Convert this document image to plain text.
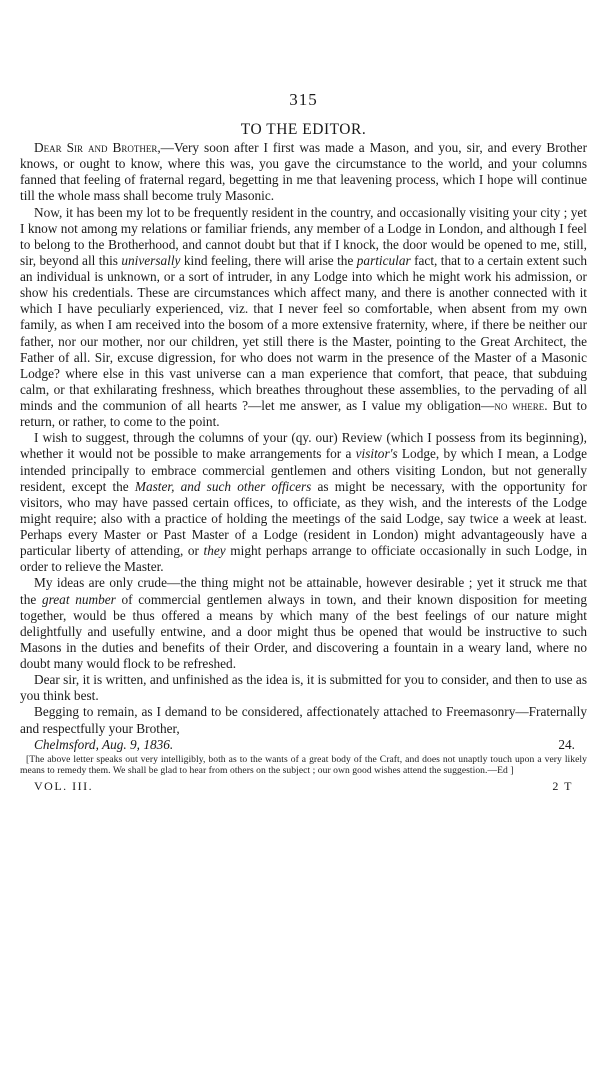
315
TO THE EDITOR.

Dear Sir and Brother,—Very soon after I first was made a Mason, and you, sir, and every Brother knows, or ought to know, where this was, you gave the circumstance to the world, and your columns fanned that feeling of fraternal regard, begetting in me that leavening process, which I hope will continue till the whole mass shall become truly Masonic.

Now, it has been my lot to be frequently resident in the country, and occasionally visiting your city ; yet I know not among my relations or familiar friends, any member of a Lodge in London, and although I feel to belong to the Brotherhood, and cannot doubt but that if I knock, the door would be opened to me, still, sir, beyond all this universally kind feeling, there will arise the particular fact, that to a certain extent such an individual is unknown, or a sort of intruder, in any Lodge into which he might work his admission, or show his credentials. These are circumstances which affect many, and there is another connected with it which I have peculiarly experienced, viz. that I never feel so comfortable, when absent from my own family, as when I am received into the bosom of a more extensive fraternity, where, if there be neither our father, nor our mother, nor our children, yet still there is the Master, pointing to the Great Architect, the Father of all. Sir, excuse digression, for who does not warm in the presence of the Master of a Masonic Lodge? where else in this vast universe can a man experience that comfort, that peace, that subduing calm, or that exhilarating freshness, which breathes throughout these assemblies, to the pervading of all minds and the communion of all hearts ?—let me answer, as I value my obligation—no where. But to return, or rather, to come to the point.

I wish to suggest, through the columns of your (qy. our) Review (which I possess from its beginning), whether it would not be possible to make arrangements for a visitor's Lodge, by which I mean, a Lodge intended principally to embrace commercial gentlemen and others visiting London, but not generally resident, except the Master, and such other officers as might be necessary, with the opportunity for visitors, who may have passed certain offices, to officiate, as they wish, and the interests of the Lodge might require; also with a practice of holding the meetings of the said Lodge, say twice a week at least. Perhaps every Master or Past Master of a Lodge (resident in London) might advantageously have a particular liberty of attending, or they might perhaps arrange to officiate occasionally in such Lodge, in order to relieve the Master.

My ideas are only crude—the thing might not be attainable, however desirable ; yet it struck me that the great number of commercial gentlemen always in town, and their known disposition for meeting together, would be thus offered a means by which many of the best feelings of our nature might delightfully and usefully entwine, and a door might thus be opened that would be instructive to such Masons in the duties and benefits of their Order, and discovering a fountain in a weary land, where no doubt many would flock to be refreshed.

Dear sir, it is written, and unfinished as the idea is, it is submitted for you to consider, and then to use as you think best.

Begging to remain, as I demand to be considered, affectionately attached to Freemasonry—Fraternally and respectfully your Brother,

Chelmsford, Aug. 9, 1836.	24.

[The above letter speaks out very intelligibly, both as to the wants of a great body of the Craft, and does not unaptly touch upon a very likely means to remedy them. We shall be glad to hear from others on the subject ; our own good wishes attend the suggestion.—Ed ]

VOL. III.	2 T
